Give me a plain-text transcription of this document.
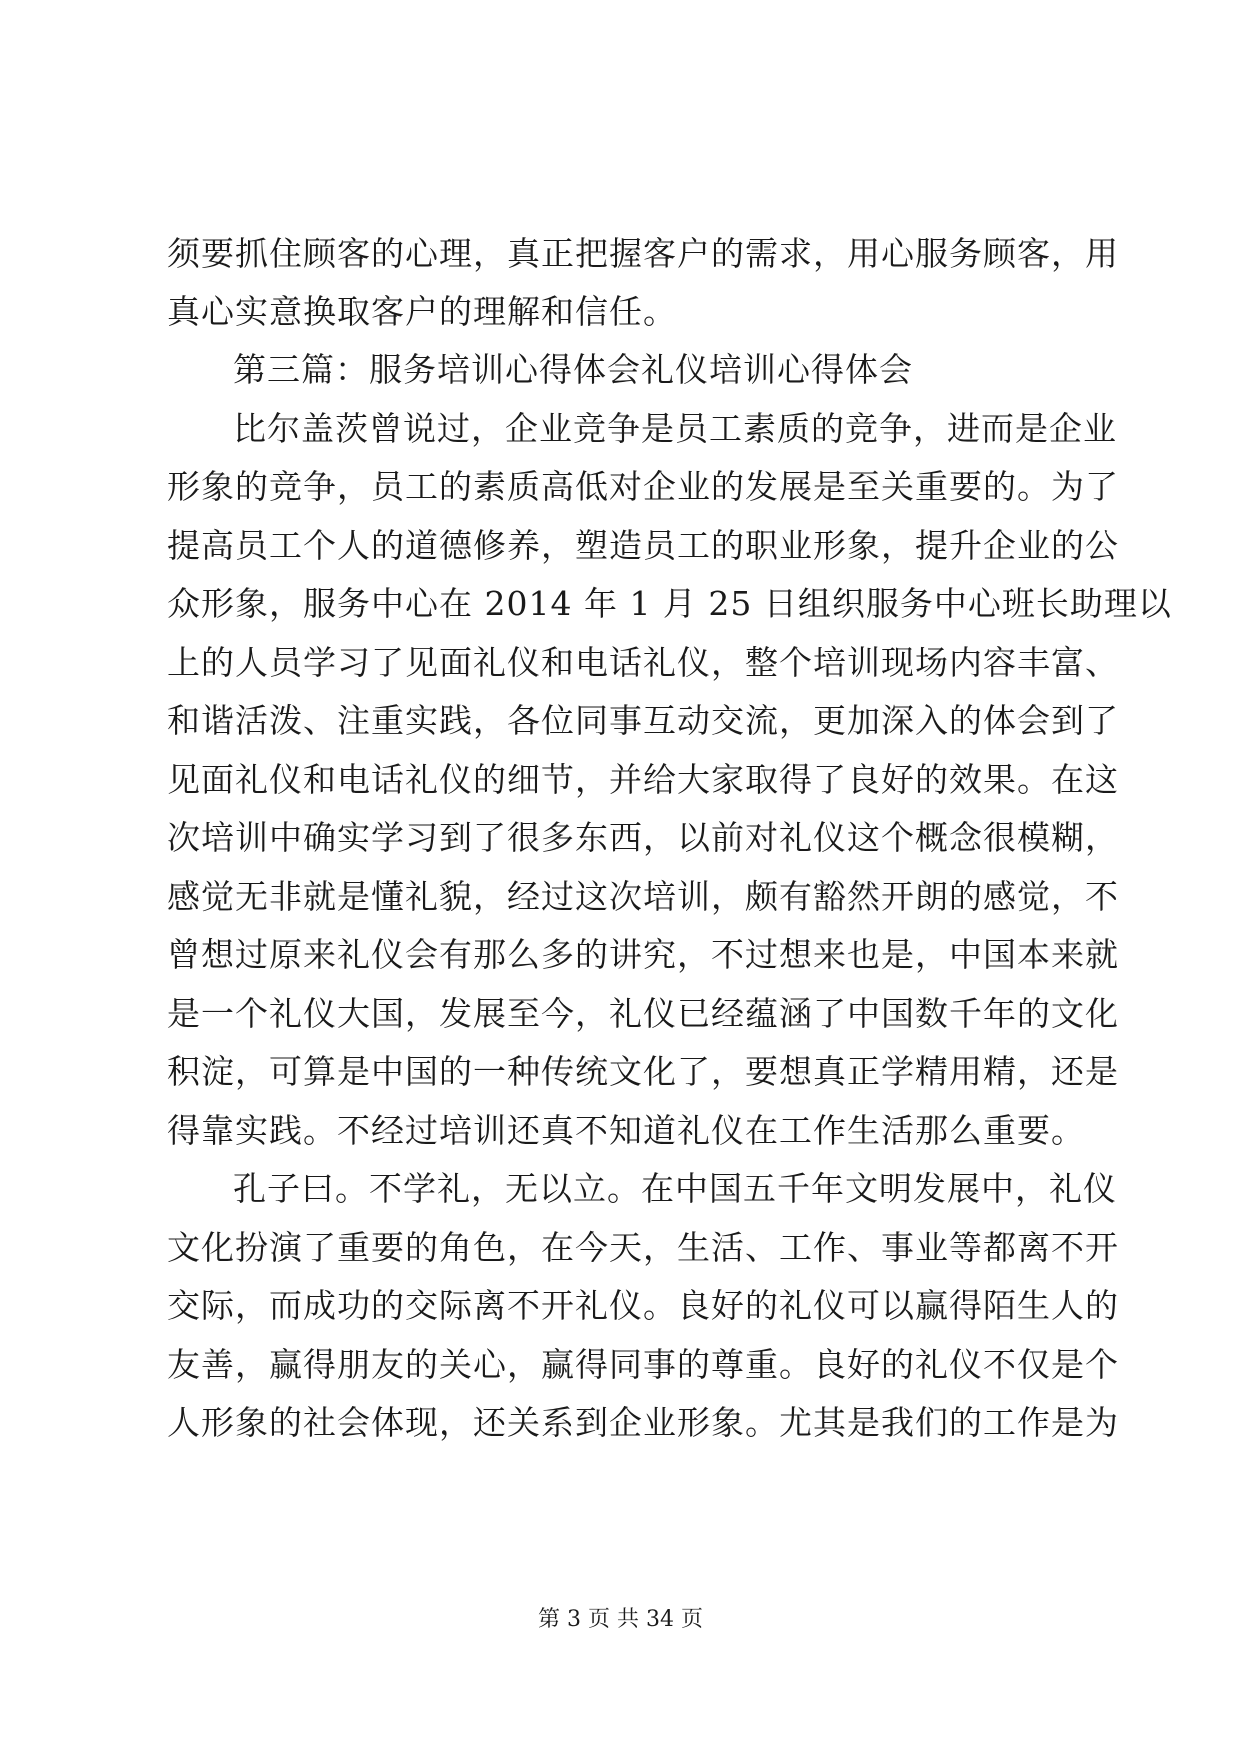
须要抓住顾客的心理，真正把握客户的需求，用心服务顾客，用
真心实意换取客户的理解和信任。
第三篇：服务培训心得体会礼仪培训心得体会
比尔盖茨曾说过，企业竞争是员工素质的竞争，进而是企业
形象的竞争，员工的素质高低对企业的发展是至关重要的。为了
提高员工个人的道德修养，塑造员工的职业形象，提升企业的公
众形象，服务中心在 2014 年 1 月 25 日组织服务中心班长助理以
上的人员学习了见面礼仪和电话礼仪，整个培训现场内容丰富、
和谐活泼、注重实践，各位同事互动交流，更加深入的体会到了
见面礼仪和电话礼仪的细节，并给大家取得了良好的效果。在这
次培训中确实学习到了很多东西，以前对礼仪这个概念很模糊，
感觉无非就是懂礼貌，经过这次培训，颇有豁然开朗的感觉，不
曾想过原来礼仪会有那么多的讲究，不过想来也是，中国本来就
是一个礼仪大国，发展至今，礼仪已经蕴涵了中国数千年的文化
积淀，可算是中国的一种传统文化了，要想真正学精用精，还是
得靠实践。不经过培训还真不知道礼仪在工作生活那么重要。
孔子曰。不学礼，无以立。在中国五千年文明发展中，礼仪
文化扮演了重要的角色，在今天，生活、工作、事业等都离不开
交际，而成功的交际离不开礼仪。良好的礼仪可以赢得陌生人的
友善，赢得朋友的关心，赢得同事的尊重。良好的礼仪不仅是个
人形象的社会体现，还关系到企业形象。尤其是我们的工作是为
第 3 页 共 34 页
